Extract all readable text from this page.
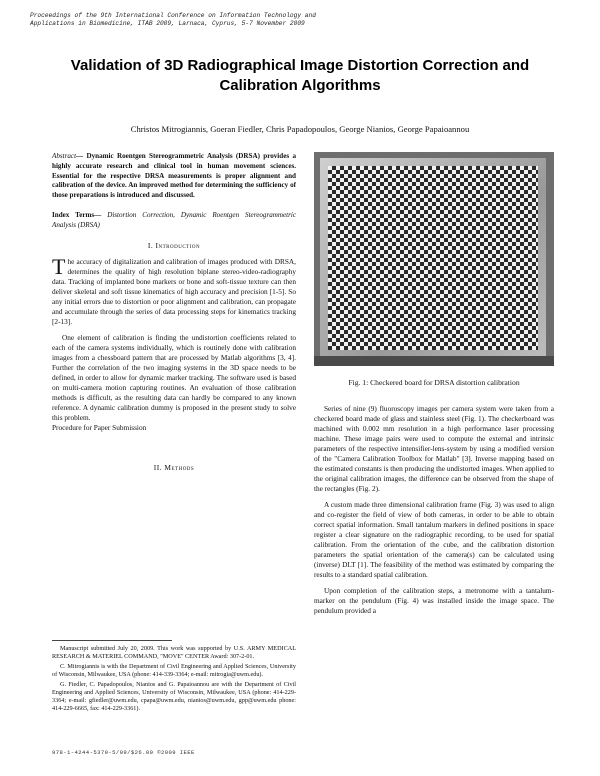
Proceedings of the 9th International Conference on Information Technology and
Applications in Biomedicine, ITAB 2009, Larnaca, Cyprus, 5-7 November 2009
Validation of 3D Radiographical Image Distortion Correction and Calibration Algorithms
Christos Mitrogiannis, Goeran Fiedler, Chris Papadopoulos, George Nianios, George Papaioannou
Abstract— Dynamic Roentgen Stereogrammetric Analysis (DRSA) provides a highly accurate research and clinical tool in human movement sciences. Essential for the respective DRSA measurements is proper alignment and calibration of the device. An improved method for determining the sufficiency of those preparations is introduced and discussed.
Index Terms— Distortion Correction, Dynamic Roentgen Stereogrammetric Analysis (DRSA)
I. Introduction
The accuracy of digitalization and calibration of images produced with DRSA, determines the quality of high resolution biplane stereo-video-radiography data. Tracking of implanted bone markers or bone and soft-tissue texture can then deliver skeletal and soft tissue kinematics of high accuracy and precision [1-5]. So any initial errors due to distortion or poor alignment and calibration, can propagate and accumulate through the series of data processing steps for kinematics tracking [2-13].
One element of calibration is finding the undistortion coefficients related to each of the camera systems individually, which is routinely done with calibration images from a chessboard pattern that are processed by Matlab algorithms [3, 4]. Further the correlation of the two imaging systems in the 3D space needs to be defined, in order to allow for dynamic marker tracking. The software used is based on multi-camera motion capturing routines. An evaluation of those calibration methods is difficult, as the resulting data can hardly be compared to any known reference. A dynamic calibration dummy is proposed in the present study to solve this problem.
Procedure for Paper Submission
II. Methods
Manuscript submitted July 20, 2009. This work was supported by U.S. ARMY MEDICAL RESEARCH & MATERIEL COMMAND, "MOVE" CENTER Award: 307-2-01.
C. Mitrogiannis is with the Department of Civil Engineering and Applied Sciences, University of Wisconsin, Milwaukee, USA (phone: 414-339-3364; e-mail: mitrogia@uwm.edu).
G. Fiedler, C. Papadopoulos, Nianios and G. Papaioannou are with the Department of Civil Engineering and Applied Sciences, University of Wisconsin, Milwaukee, USA (phone: 414-229-3364; e-mail: gfiedler@uwm.edu, cpapa@uwm.edu, nianios@uwm.edu, gpp@uwm.edu phone: 414-229-6665, fax: 414-229-3361).
978-1-4244-5379-5/09/$26.00 ©2009 IEEE
Fig. 1: Checkered board for DRSA distortion calibration

Series of nine (9) fluoroscopy images per camera system were taken from a checkered board made of glass and stainless steel (Fig. 1). The checkerboard was machined with 0.002 mm resolution in a high performance laser processing machine. These image pairs were used to compute the external and intrinsic parameters of the respective intensifier-lens-system by using a modified version of the "Camera Calibration Toolbox for Matlab" [3]. Inverse mapping based on the estimated constants is then producing the undistorted images. When applied to the original calibration images, the difference can be observed from the shape of the rectangles (Fig. 2).

A custom made three dimensional calibration frame (Fig. 3) was used to align and co-register the field of view of both cameras, in order to be able to obtain correct spatial information. Small tantalum markers in defined positions in space register a clear signature on the radiographic recording, to be used for spatial calibration. From the orientation of the cube, and the calibration distortion parameters the spatial orientation of the camera(s) can be calculated using (inverse) DLT [1]. The feasibility of the method was estimated by comparing the results to a standard spatial calibration.

Upon completion of the calibration steps, a metronome with a tantalum-marker on the pendulum (Fig. 4) was installed inside the image space. The pendulum provided a
